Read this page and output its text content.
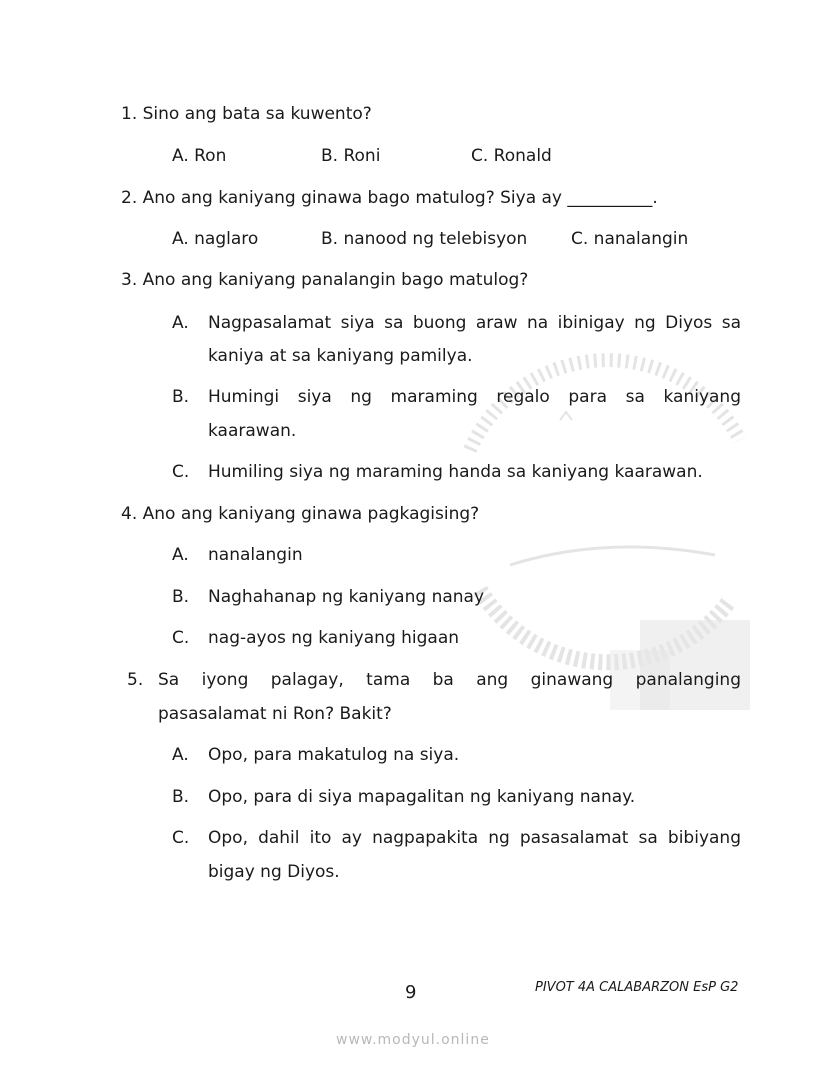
1. Sino ang bata sa kuwento?
A. Ron	B. Roni	C. Ronald
2. Ano ang kaniyang ginawa bago matulog? Siya ay __________.
A. naglaro	B. nanood ng telebisyon	C. nanalangin
3. Ano ang kaniyang panalangin bago matulog?
A. Nagpasalamat siya sa buong araw na ibinigay ng Diyos sa
kaniya at sa kaniyang pamilya.
B. Humingi siya ng maraming regalo para sa kaniyang
kaarawan.
C. Humiling siya ng maraming handa sa kaniyang kaarawan.
4. Ano ang kaniyang ginawa pagkagising?
A. nanalangin
B. Naghahanap ng kaniyang nanay
C. nag-ayos ng kaniyang higaan
5. Sa iyong palagay, tama ba ang ginawang panalanging
pasasalamat ni Ron? Bakit?
A. Opo, para makatulog na siya.
B. Opo, para di siya mapagalitan ng kaniyang nanay.
C. Opo, dahil ito ay nagpapakita ng pasasalamat sa bibiyang
bigay ng Diyos.
9	PIVOT 4A CALABARZON EsP G2
www.modyul.online
